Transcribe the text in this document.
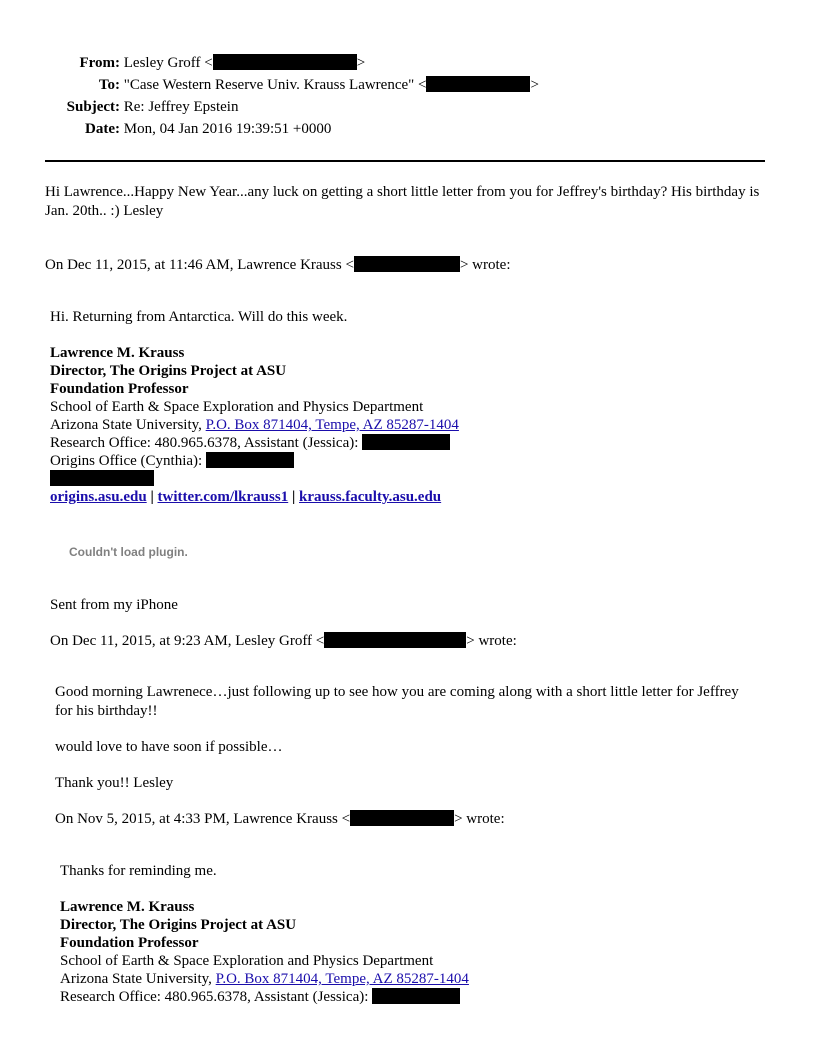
From: Lesley Groff <	>
To: "Case Western Reserve Univ. Krauss Lawrence" <	>
Subject: Re: Jeffrey Epstein
Date: Mon, 04 Jan 2016 19:39:51 +0000
Hi Lawrence...Happy New Year...any luck on getting a short little letter from you for Jeffrey's birthday? His birthday is Jan. 20th.. :) Lesley
On Dec 11, 2015, at 11:46 AM, Lawrence Krauss <	> wrote:
Hi. Returning from Antarctica. Will do this week.
Lawrence M. Krauss
Director, The Origins Project at ASU
Foundation Professor
School of Earth & Space Exploration and Physics Department
Arizona State University, P.O. Box 871404, Tempe, AZ 85287-1404
Research Office: 480.965.6378, Assistant (Jessica):
Origins Office (Cynthia):
origins.asu.edu | twitter.com/lkrauss1 | krauss.faculty.asu.edu
Couldn't load plugin.
Sent from my iPhone
On Dec 11, 2015, at 9:23 AM, Lesley Groff <	> wrote:
Good morning Lawrenece…just following up to see how you are coming along with a short little letter for Jeffrey for his birthday!!
would love to have soon if possible…
Thank you!! Lesley
On Nov 5, 2015, at 4:33 PM, Lawrence Krauss <	> wrote:
Thanks for reminding me.
Lawrence M. Krauss
Director, The Origins Project at ASU
Foundation Professor
School of Earth & Space Exploration and Physics Department
Arizona State University, P.O. Box 871404, Tempe, AZ 85287-1404
Research Office: 480.965.6378, Assistant (Jessica):
